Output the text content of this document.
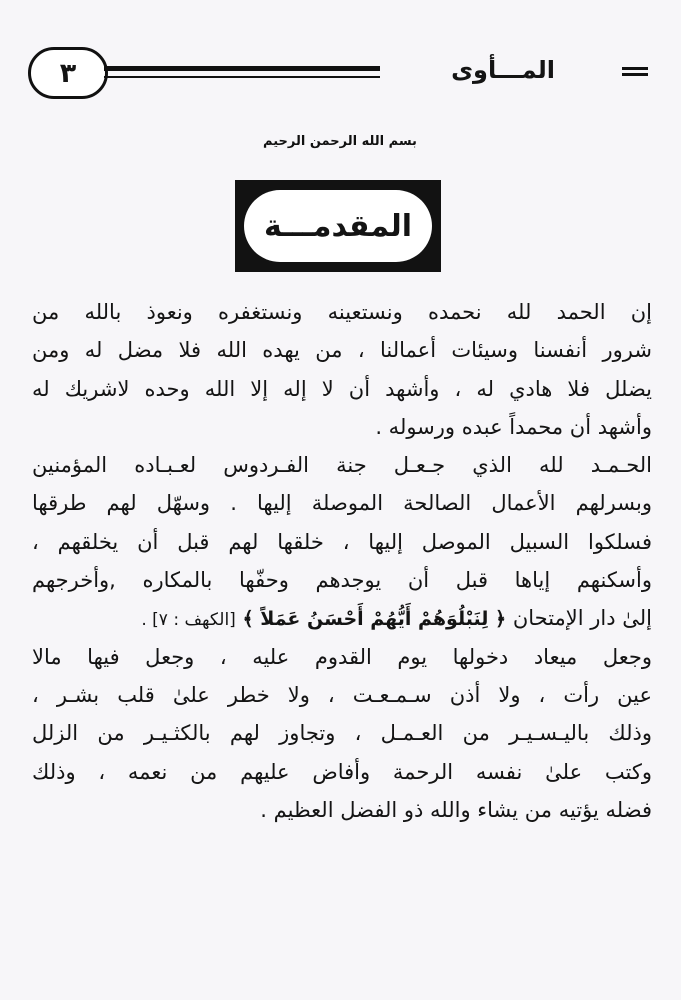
٣	المـــأوى
بسم الله الرحمن الرحيم
المقدمـــة
إن الحمد لله نحمده ونستعينه ونستغفره ونعوذ بالله من
شرور أنفسنا وسيئات أعمالنا ، من يهده الله فلا مضل له ومن
يضلل فلا هادي له ، وأشهد أن لا إله إلا الله وحده لاشريك له
وأشهد أن محمداً عبده ورسوله .
الحـمـد لله الذي جـعـل جنة الفـردوس لعـبـاده المؤمنين
وبسرلهم الأعمال الصالحة الموصلة إليها . وسهّل لهم طرقها
فسلكوا السبيل الموصل إليها ، خلقها لهم قبل أن يخلقهم ،
وأسكنهم إياها قبل أن يوجدهم وحفّها بالمكاره ,وأخرجهم
إلىٰ دار الإمتحان ﴿ لِنَبْلُوَهُمْ أَيُّهُمْ أَحْسَنُ عَمَلاً ﴾ [الكهف : ٧] .
وجعل ميعاد دخولها يوم القدوم عليه ، وجعل فيها مالا
عين رأت ، ولا أذن سـمـعـت ، ولا خطر علىٰ قلب بشـر ،
وذلك باليـسـيـر من العـمـل ، وتجاوز لهم بالكثـيـر من الزلل
وكتب علىٰ نفسه الرحمة وأفاض عليهم من نعمه ، وذلك
فضله يؤتيه من يشاء والله ذو الفضل العظيم .
